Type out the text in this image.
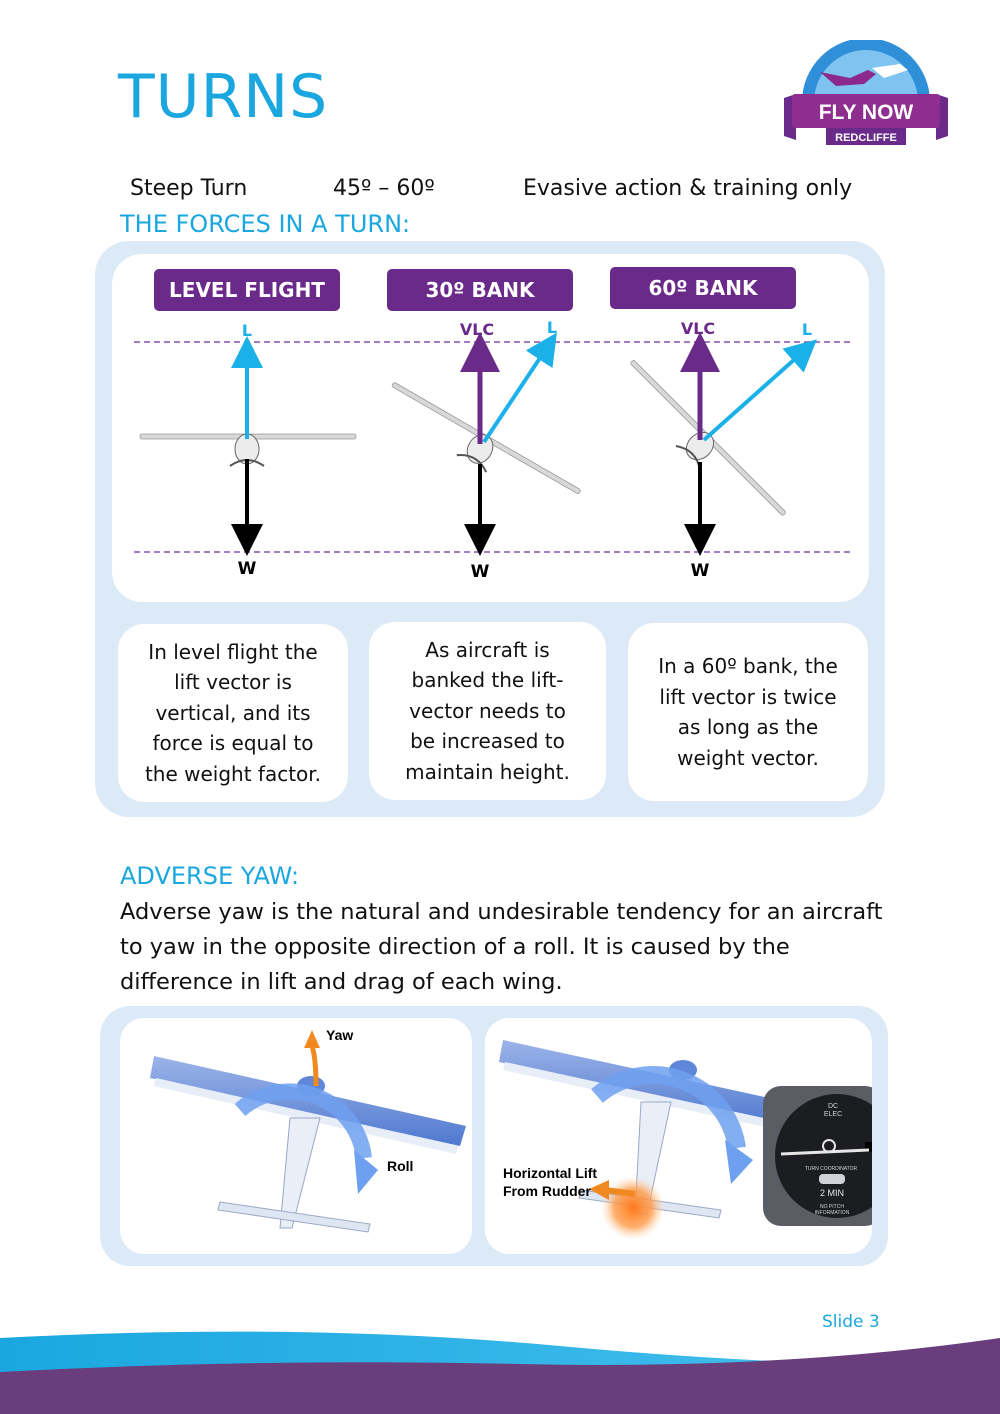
TURNS	FLY NOW
REDCLIFFE
Steep Turn	45º – 60º	Evasive action & training only
THE FORCES IN A TURN:
L
W
VLC	L
W
VLC	L
W
LEVEL FLIGHT	30º BANK	60º BANK
In level flight the lift vector is vertical, and its force is equal to the weight factor.
As aircraft is banked the lift-vector needs to be increased to maintain height.
In a 60º bank, the lift vector is twice as long as the weight vector.
ADVERSE YAW:
Adverse yaw is the natural and undesirable tendency for an aircraft to yaw in the opposite direction of a roll. It is caused by the difference in lift and drag of each wing.
Yaw
Roll	Horizontal Lift
From Rudder
DC
ELEC
TURN COORDINATOR
2 MIN
NO PITCH
INFORMATION
Slide 3
